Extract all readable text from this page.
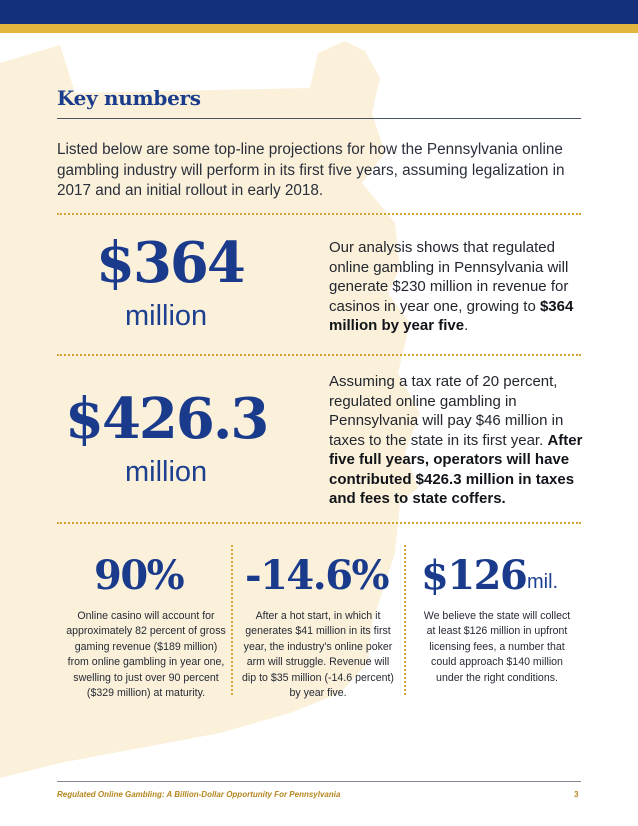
Key numbers
Listed below are some top-line projections for how the Pennsylvania online gambling industry will perform in its first five years, assuming legalization in 2017 and an initial rollout in early 2018.
$364
million
Our analysis shows that regulated online gambling in Pennsylvania will generate $230 million in revenue for casinos in year one, growing to $364 million by year five.
$426.3
million
Assuming a tax rate of 20 percent, regulated online gambling in Pennsylvania will pay $46 million in taxes to the state in its first year. After five full years, operators will have contributed $426.3 million in taxes and fees to state coffers.
90%
Online casino will account for approximately 82 percent of gross gaming revenue ($189 million) from online gambling in year one, swelling to just over 90 percent ($329 million) at maturity.
-14.6%
After a hot start, in which it generates $41 million in its first year, the industry's online poker arm will struggle. Revenue will dip to $35 million (-14.6 percent) by year five.
$126 mil.
We believe the state will collect at least $126 million in upfront licensing fees, a number that could approach $140 million under the right conditions.
Regulated Online Gambling: A Billion-Dollar Opportunity For Pennsylvania	3
